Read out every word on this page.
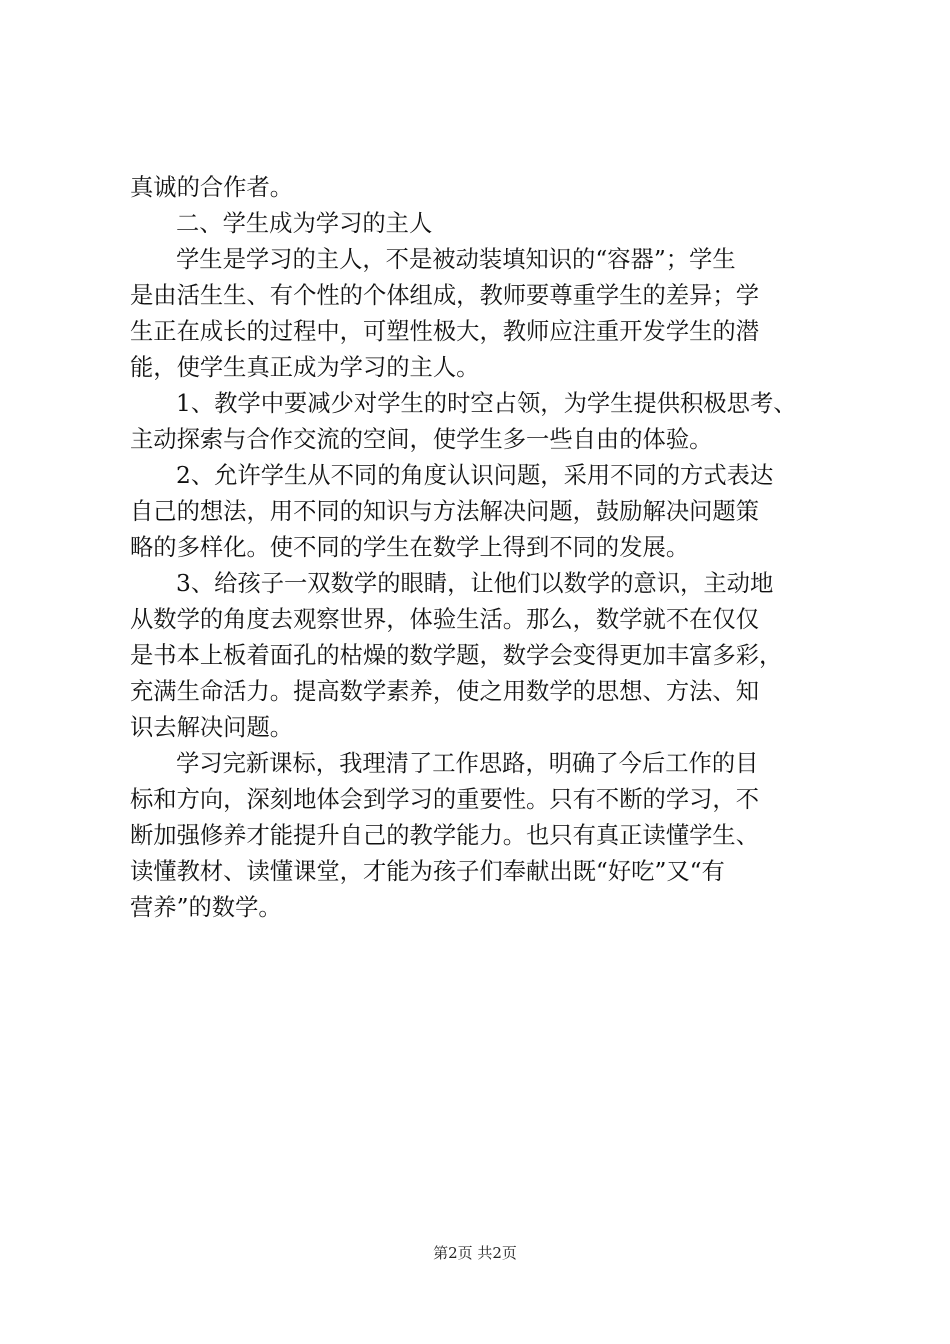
真诚的合作者。
二、学生成为学习的主人
学生是学习的主人，不是被动装填知识的“容器”；学生
是由活生生、有个性的个体组成，教师要尊重学生的差异；学
生正在成长的过程中，可塑性极大，教师应注重开发学生的潜
能，使学生真正成为学习的主人。
1、教学中要减少对学生的时空占领，为学生提供积极思考、
主动探索与合作交流的空间，使学生多一些自由的体验。
2、允许学生从不同的角度认识问题，采用不同的方式表达
自己的想法，用不同的知识与方法解决问题，鼓励解决问题策
略的多样化。使不同的学生在数学上得到不同的发展。
3、给孩子一双数学的眼睛，让他们以数学的意识，主动地
从数学的角度去观察世界，体验生活。那么，数学就不在仅仅
是书本上板着面孔的枯燥的数学题，数学会变得更加丰富多彩，
充满生命活力。提高数学素养，使之用数学的思想、方法、知
识去解决问题。
学习完新课标，我理清了工作思路，明确了今后工作的目
标和方向，深刻地体会到学习的重要性。只有不断的学习，不
断加强修养才能提升自己的教学能力。也只有真正读懂学生、
读懂教材、读懂课堂，才能为孩子们奉献出既“好吃”又“有
营养”的数学。
第2页 共2页
